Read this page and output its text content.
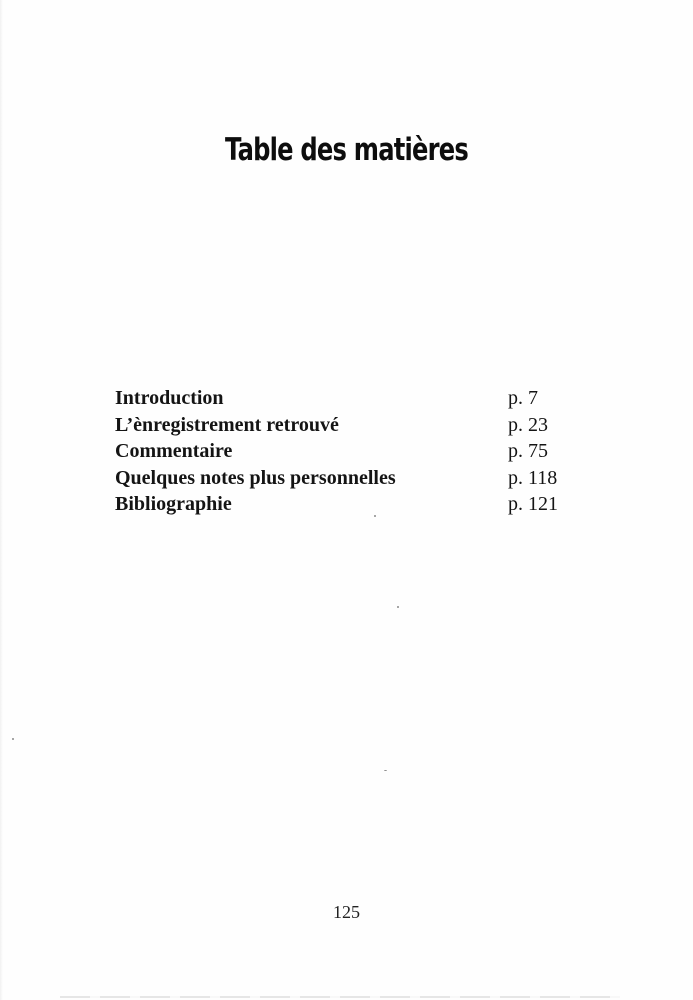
Table des matières
Introduction	p. 7
L’ènregistrement retrouvé	p. 23
Commentaire	p. 75
Quelques notes plus personnelles	p. 118
Bibliographie	p. 121
125
